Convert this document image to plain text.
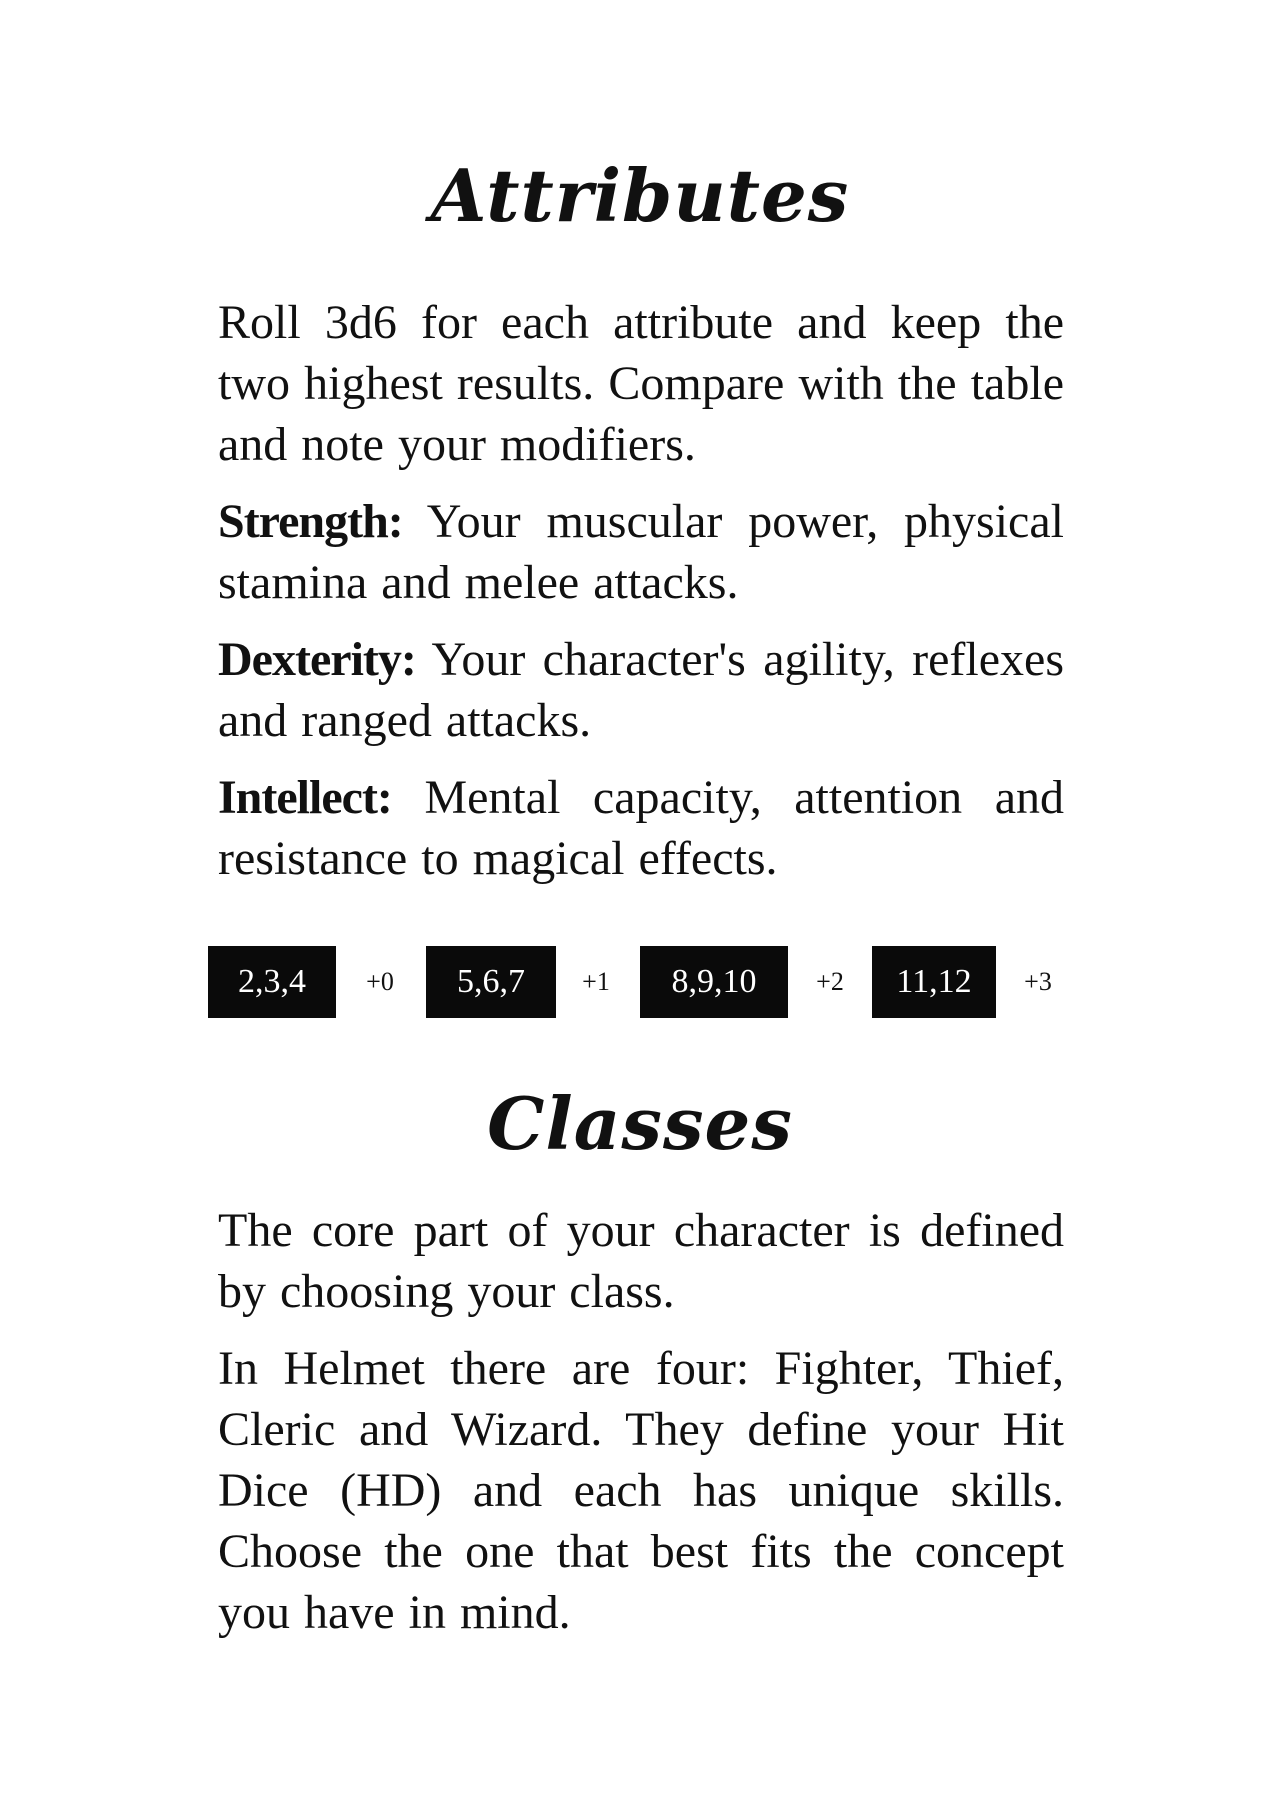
Attributes

Roll 3d6 for each attribute and keep the two highest results. Compare with the table and note your modifiers.

Strength: Your muscular power, physical stamina and melee attacks.

Dexterity: Your character's agility, reflexes and ranged attacks.

Intellect: Mental capacity, attention and resistance to magical effects.

2,3,4	+0	5,6,7	+1	8,9,10	+2	11,12	+3
Classes

The core part of your character is defined by choosing your class.

In Helmet there are four: Fighter, Thief, Cleric and Wizard. They define your Hit Dice (HD) and each has unique skills. Choose the one that best fits the concept you have in mind.
